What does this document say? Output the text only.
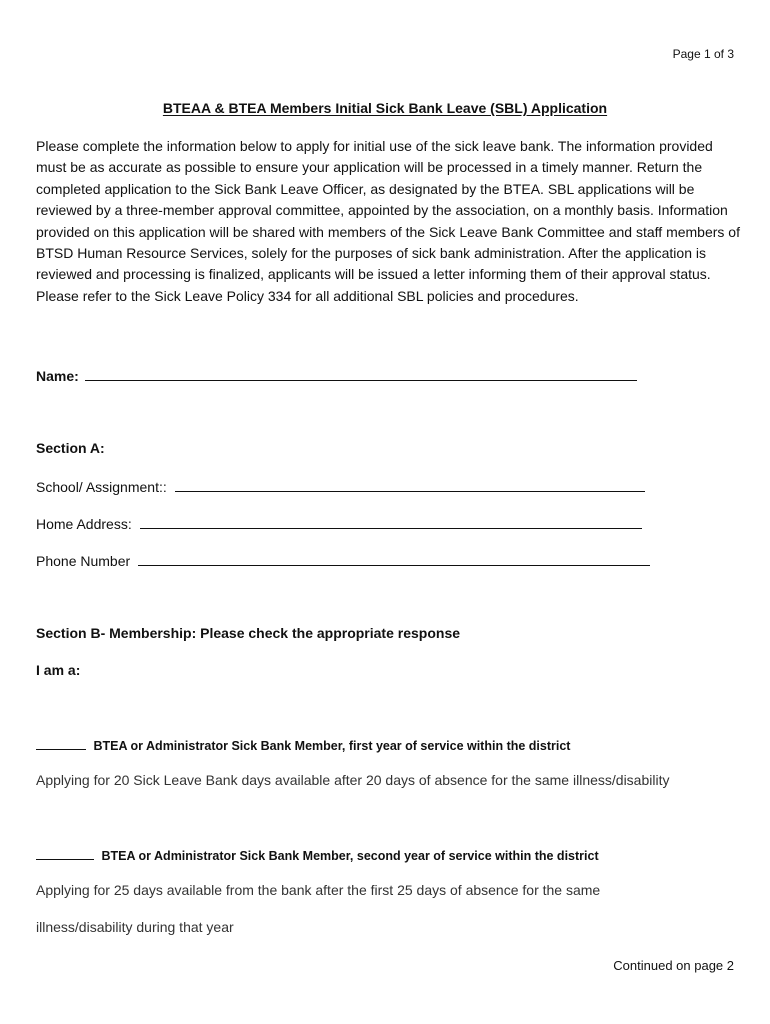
Page 1 of 3
BTEAA & BTEA Members Initial Sick Bank Leave (SBL) Application

Please complete the information below to apply for initial use of the sick leave bank. The information provided must be as accurate as possible to ensure your application will be processed in a timely manner. Return the completed application to the Sick Bank Leave Officer, as designated by the BTEA. SBL applications will be reviewed by a three-member approval committee, appointed by the association, on a monthly basis. Information provided on this application will be shared with members of the Sick Leave Bank Committee and staff members of BTSD Human Resource Services, solely for the purposes of sick bank administration. After the application is reviewed and processing is finalized, applicants will be issued a letter informing them of their approval status. Please refer to the Sick Leave Policy 334 for all additional SBL policies and procedures.

Name:
Section A:
School/ Assignment::
Home Address:
Phone Number
Section B- Membership: Please check the appropriate response
I am a:
BTEA or Administrator Sick Bank Member, first year of service within the district
Applying for 20 Sick Leave Bank days available after 20 days of absence for the same illness/disability
BTEA or Administrator Sick Bank Member, second year of service within the district
Applying for 25 days available from the bank after the first 25 days of absence for the same
illness/disability during that year
Continued on page 2
